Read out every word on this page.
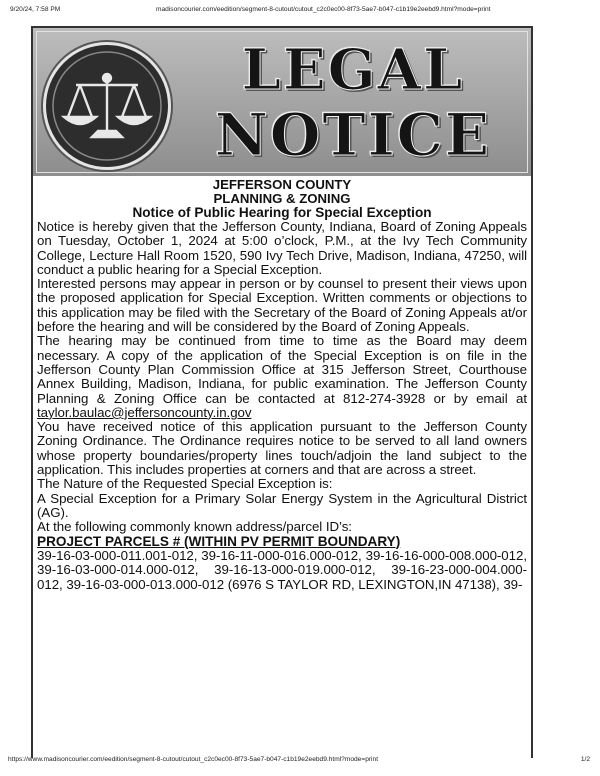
9/20/24, 7:58 PM	madisoncourier.com/eedition/segment-8-cutout/cutout_c2c0ec00-8f73-5ae7-b047-c1b19e2eebd9.html?mode=print
LEGAL
NOTICE
JEFFERSON COUNTY
PLANNING & ZONING
Notice of Public Hearing for Special Exception

Notice is hereby given that the Jefferson County, Indiana, Board of Zoning Appeals on Tuesday, October 1, 2024 at 5:00 o’clock, P.M., at the Ivy Tech Community College, Lecture Hall Room 1520, 590 Ivy Tech Drive, Madison, Indiana, 47250, will conduct a public hearing for a Special Exception.

Interested persons may appear in person or by counsel to present their views upon the proposed application for Special Exception. Written comments or objections to this application may be filed with the Secretary of the Board of Zoning Appeals at/or before the hearing and will be considered by the Board of Zoning Appeals.

The hearing may be continued from time to time as the Board may deem necessary. A copy of the application of the Special Exception is on file in the Jefferson County Plan Commission Office at 315 Jefferson Street, Courthouse Annex Building, Madison, Indiana, for public examination. The Jefferson County Planning & Zoning Office can be contacted at 812-274-3928 or by email at taylor.baulac@jeffersoncounty.in.gov

You have received notice of this application pursuant to the Jefferson County Zoning Ordinance. The Ordinance requires notice to be served to all land owners whose property boundaries/property lines touch/adjoin the land subject to the application. This includes properties at corners and that are across a street.

The Nature of the Requested Special Exception is:

A Special Exception for a Primary Solar Energy System in the Agricultural District (AG).

At the following commonly known address/parcel ID’s:

PROJECT PARCELS # (WITHIN PV PERMIT BOUNDARY)

39-16-03-000-011.001-012, 39-16-11-000-016.000-012, 39-16-16-000-008.000-012, 39-16-03-000-014.000-012, 39-16-13-000-019.000-012, 39-16-23-000-004.000-012, 39-16-03-000-013.000-012 (6976 S TAYLOR RD, LEXINGTON,IN 47138), 39-

https://www.madisoncourier.com/eedition/segment-8-cutout/cutout_c2c0ec00-8f73-5ae7-b047-c1b19e2eebd9.html?mode=print	1/2
